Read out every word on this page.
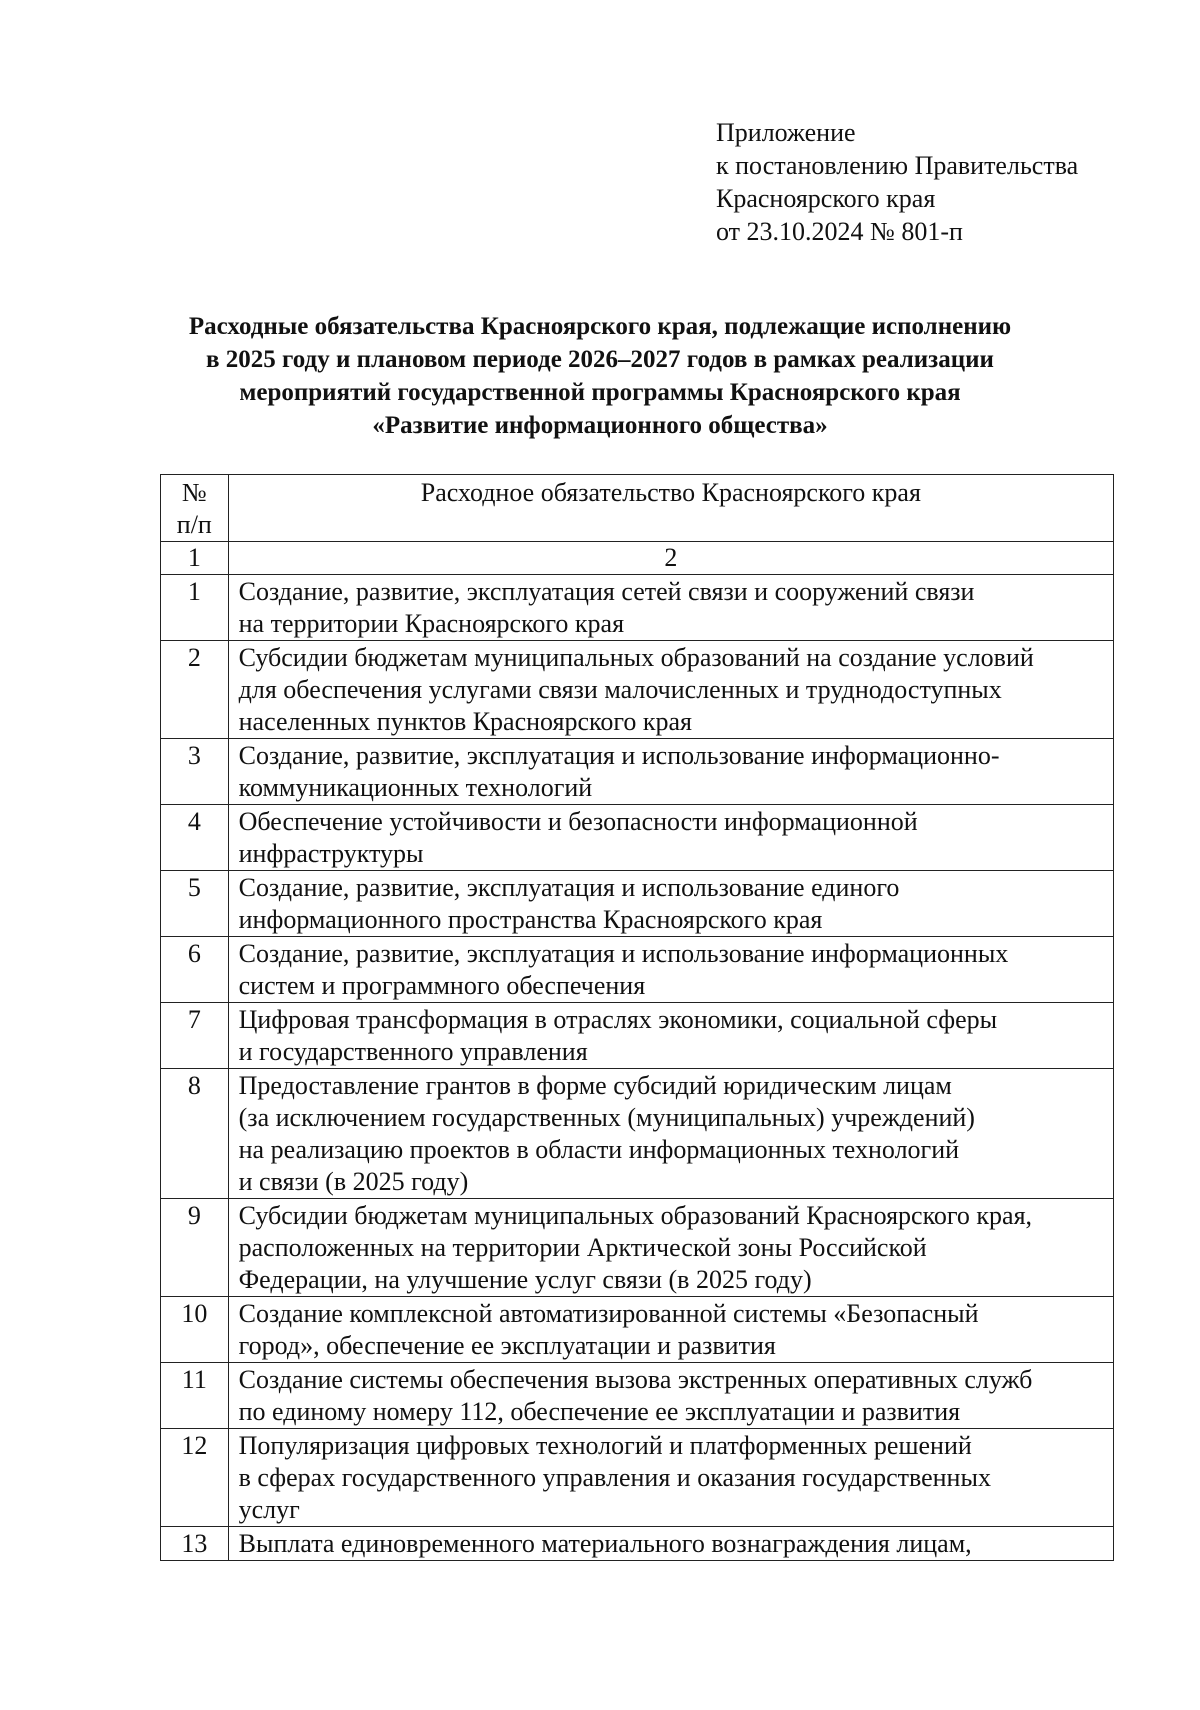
Приложение
к постановлению Правительства
Красноярского края
от 23.10.2024 № 801-п
Расходные обязательства Красноярского края, подлежащие исполнению
в 2025 году и плановом периоде 2026–2027 годов в рамках реализации
мероприятий государственной программы Красноярского края
«Развитие информационного общества»
№
п/п	Расходное обязательство Красноярского края
1	2
1	Создание, развитие, эксплуатация сетей связи и сооружений связи
на территории Красноярского края

2	Субсидии бюджетам муниципальных образований на создание условий
для обеспечения услугами связи малочисленных и труднодоступных
населенных пунктов Красноярского края

3	Создание, развитие, эксплуатация и использование информационно-
коммуникационных технологий

4	Обеспечение устойчивости и безопасности информационной
инфраструктуры

5	Создание, развитие, эксплуатация и использование единого
информационного пространства Красноярского края

6	Создание, развитие, эксплуатация и использование информационных
систем и программного обеспечения

7	Цифровая трансформация в отраслях экономики, социальной сферы
и государственного управления

8	Предоставление грантов в форме субсидий юридическим лицам
(за исключением государственных (муниципальных) учреждений)
на реализацию проектов в области информационных технологий
и связи (в 2025 году)

9	Субсидии бюджетам муниципальных образований Красноярского края,
расположенных на территории Арктической зоны Российской
Федерации, на улучшение услуг связи (в 2025 году)

10	Создание комплексной автоматизированной системы «Безопасный
город», обеспечение ее эксплуатации и развития

11	Создание системы обеспечения вызова экстренных оперативных служб
по единому номеру 112, обеспечение ее эксплуатации и развития

12	Популяризация цифровых технологий и платформенных решений
в сферах государственного управления и оказания государственных
услуг

13	Выплата единовременного материального вознаграждения лицам,
